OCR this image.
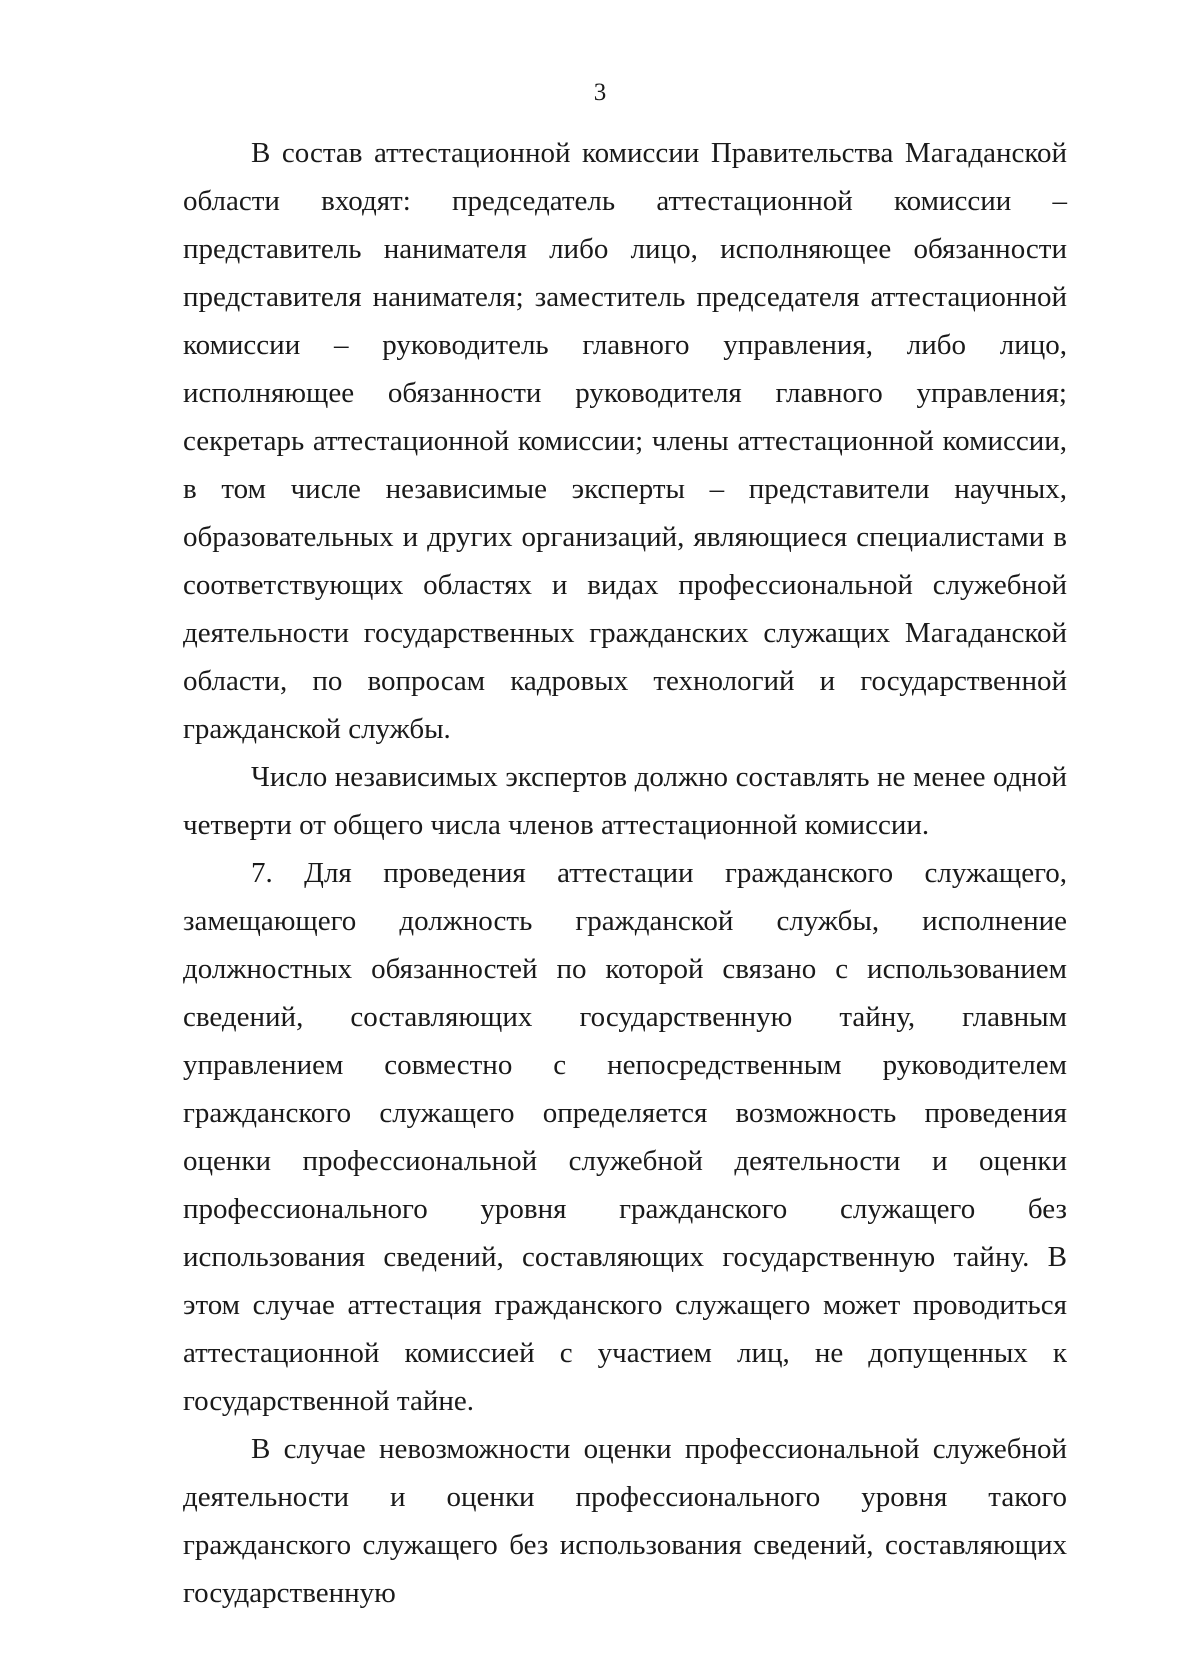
3

В состав аттестационной комиссии Правительства Магаданской области входят: председатель аттестационной комиссии – представитель нанимателя либо лицо, исполняющее обязанности представителя нанимателя; заместитель председателя аттестационной комиссии – руководитель главного управления, либо лицо, исполняющее обязанности руководителя главного управления; секретарь аттестационной комиссии; члены аттестационной комиссии, в том числе независимые эксперты – представители научных, образовательных и других организаций, являющиеся специалистами в соответствующих областях и видах профессиональной служебной деятельности государственных гражданских служащих Магаданской области, по вопросам кадровых технологий и государственной гражданской службы.

Число независимых экспертов должно составлять не менее одной четверти от общего числа членов аттестационной комиссии.

7. Для проведения аттестации гражданского служащего, замещающего должность гражданской службы, исполнение должностных обязанностей по которой связано с использованием сведений, составляющих государственную тайну, главным управлением совместно с непосредственным руководителем гражданского служащего определяется возможность проведения оценки профессиональной служебной деятельности и оценки профессионального уровня гражданского служащего без использования сведений, составляющих государственную тайну. В этом случае аттестация гражданского служащего может проводиться аттестационной комиссией с участием лиц, не допущенных к государственной тайне.

В случае невозможности оценки профессиональной служебной деятельности и оценки профессионального уровня такого гражданского служащего без использования сведений, составляющих государственную
